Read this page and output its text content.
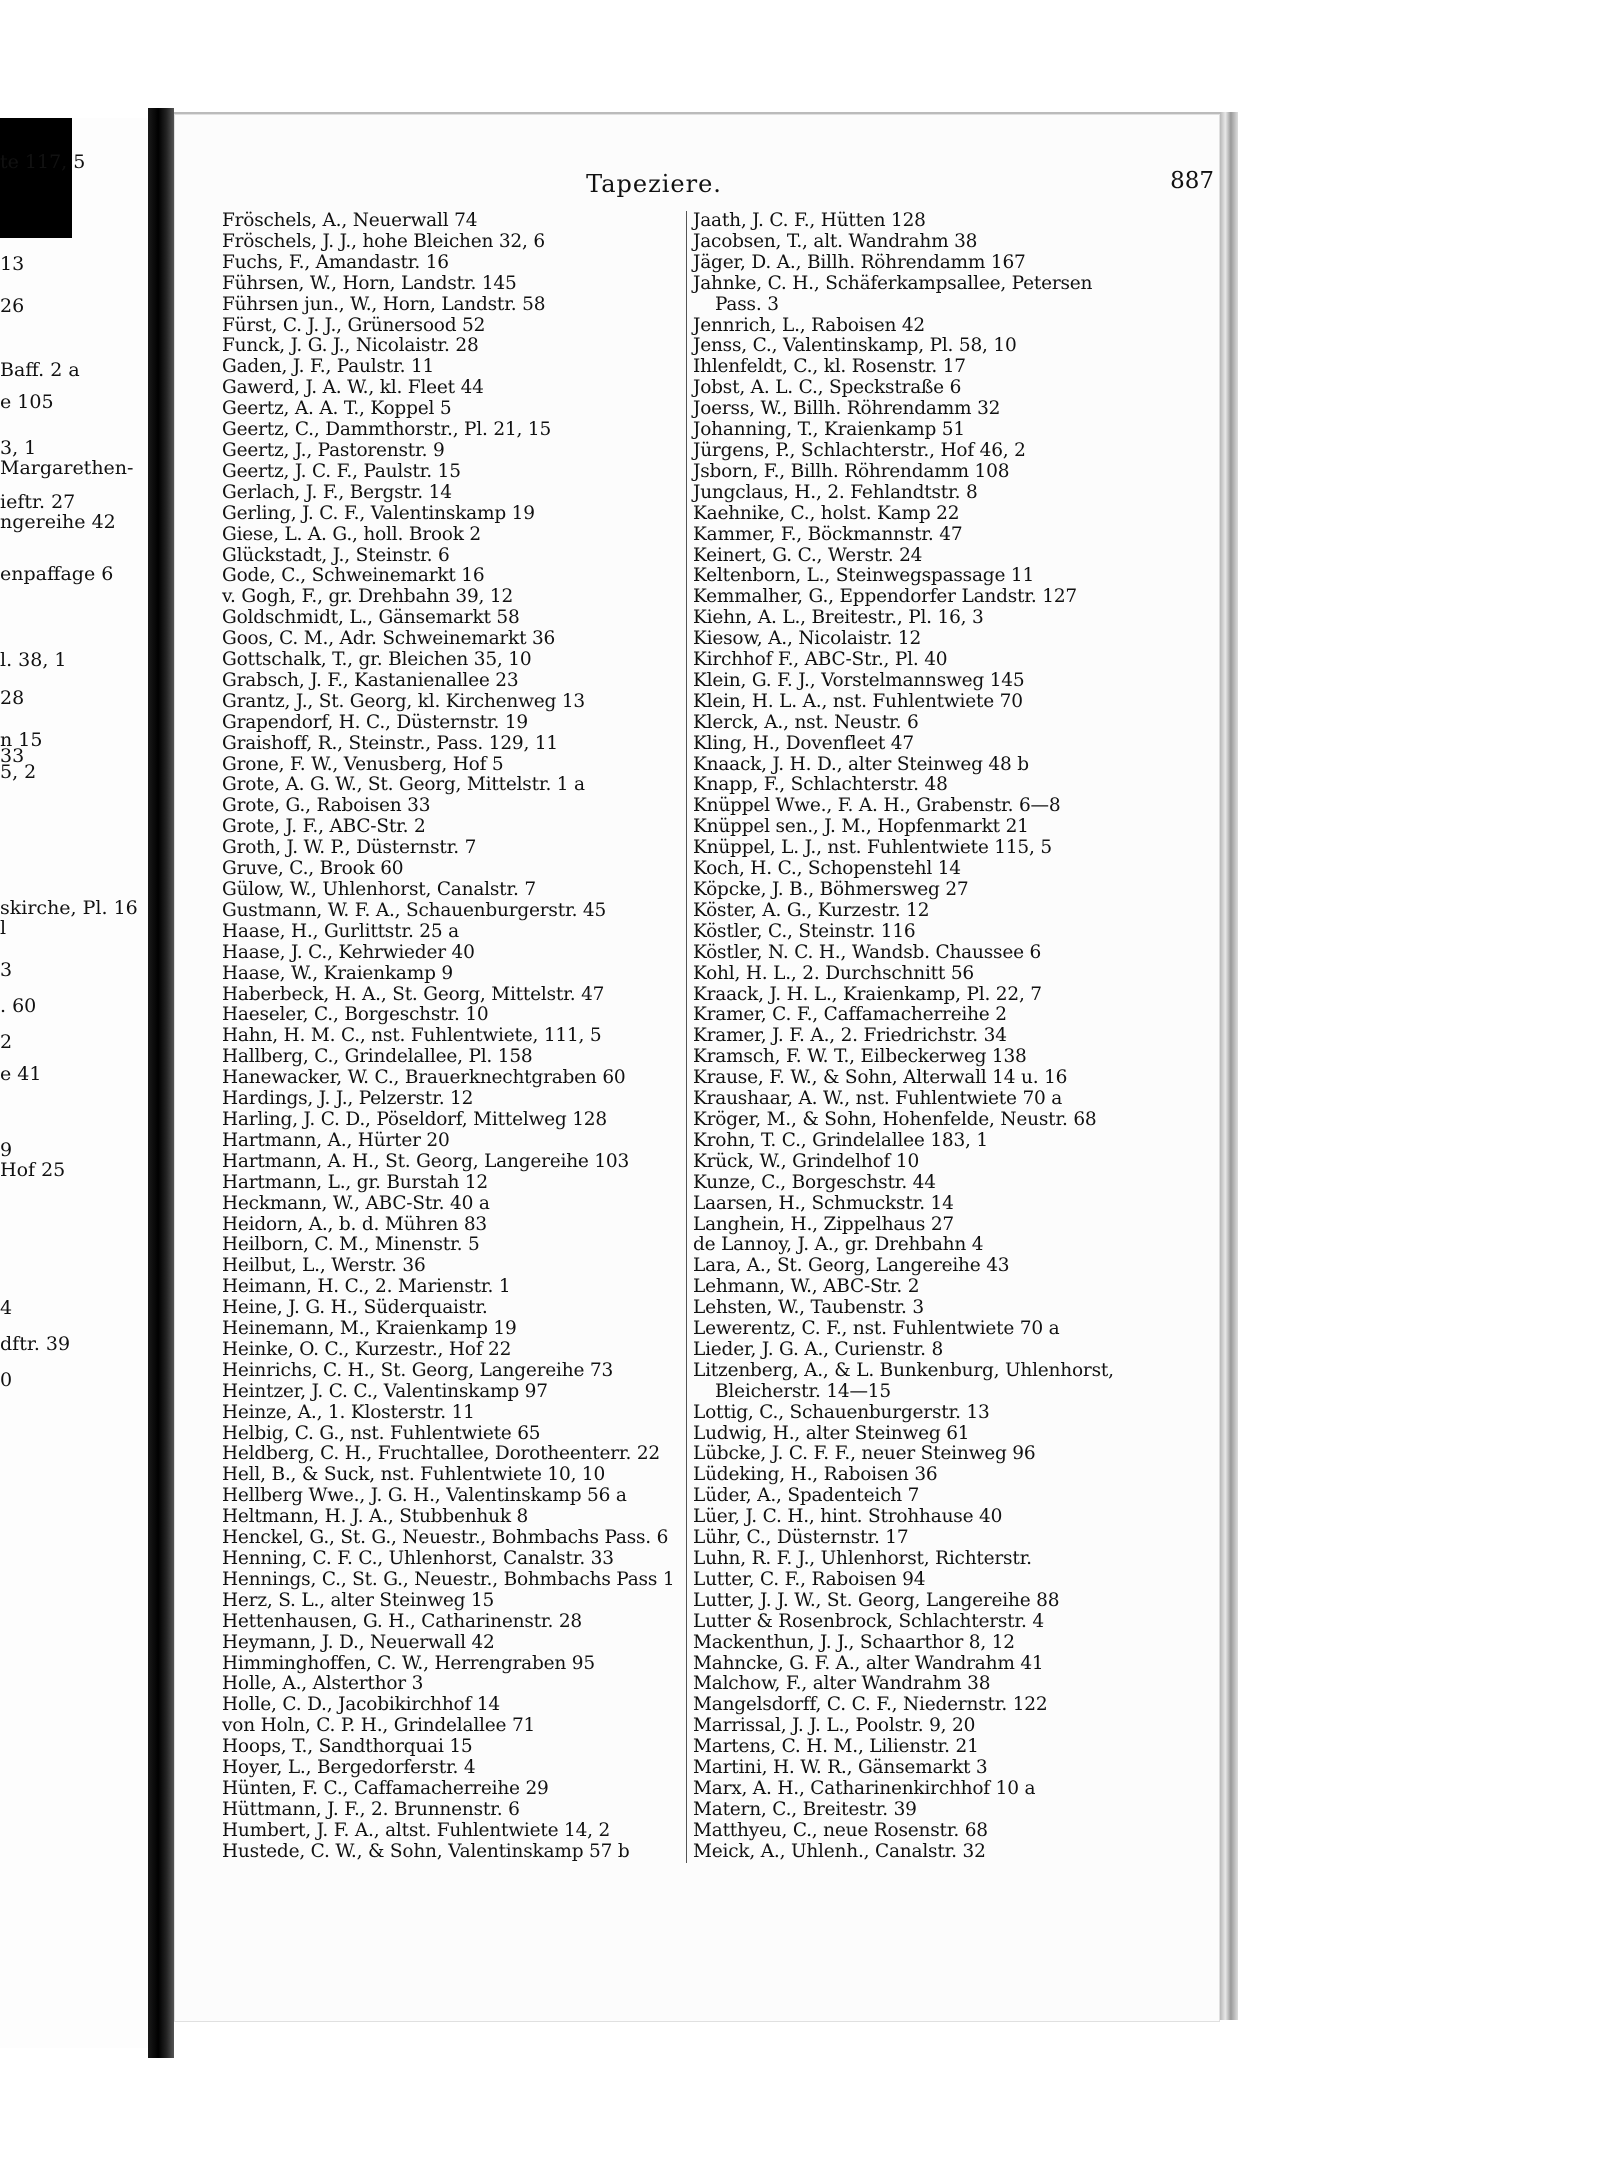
te 117, 5
13
26
Baff. 2 a
e 105
3, 1
Margarethen-
ieftr. 27
ngereihe 42
enpaffage 6
l. 38, 1
28
n 15
33
5, 2
skirche, Pl. 16
l
3
. 60
2
e 41
9
Hof 25
4
dftr. 39
0
Tapeziere.	887
Fröschels, A., Neuerwall 74
Fröschels, J. J., hohe Bleichen 32, 6
Fuchs, F., Amandastr. 16
Führsen, W., Horn, Landstr. 145
Führsen jun., W., Horn, Landstr. 58
Fürst, C. J. J., Grünersood 52
Funck, J. G. J., Nicolaistr. 28
Gaden, J. F., Paulstr. 11
Gawerd, J. A. W., kl. Fleet 44
Geertz, A. A. T., Koppel 5
Geertz, C., Dammthorstr., Pl. 21, 15
Geertz, J., Pastorenstr. 9
Geertz, J. C. F., Paulstr. 15
Gerlach, J. F., Bergstr. 14
Gerling, J. C. F., Valentinskamp 19
Giese, L. A. G., holl. Brook 2
Glückstadt, J., Steinstr. 6
Gode, C., Schweinemarkt 16
v. Gogh, F., gr. Drehbahn 39, 12
Goldschmidt, L., Gänsemarkt 58
Goos, C. M., Adr. Schweinemarkt 36
Gottschalk, T., gr. Bleichen 35, 10
Grabsch, J. F., Kastanienallee 23
Grantz, J., St. Georg, kl. Kirchenweg 13
Grapendorf, H. C., Düsternstr. 19
Graishoff, R., Steinstr., Pass. 129, 11
Grone, F. W., Venusberg, Hof 5
Grote, A. G. W., St. Georg, Mittelstr. 1 a
Grote, G., Raboisen 33
Grote, J. F., ABC-Str. 2
Groth, J. W. P., Düsternstr. 7
Gruve, C., Brook 60
Gülow, W., Uhlenhorst, Canalstr. 7
Gustmann, W. F. A., Schauenburgerstr. 45
Haase, H., Gurlittstr. 25 a
Haase, J. C., Kehrwieder 40
Haase, W., Kraienkamp 9
Haberbeck, H. A., St. Georg, Mittelstr. 47
Haeseler, C., Borgeschstr. 10
Hahn, H. M. C., nst. Fuhlentwiete, 111, 5
Hallberg, C., Grindelallee, Pl. 158
Hanewacker, W. C., Brauerknechtgraben 60
Hardings, J. J., Pelzerstr. 12
Harling, J. C. D., Pöseldorf, Mittelweg 128
Hartmann, A., Hürter 20
Hartmann, A. H., St. Georg, Langereihe 103
Hartmann, L., gr. Burstah 12
Heckmann, W., ABC-Str. 40 a
Heidorn, A., b. d. Mühren 83
Heilborn, C. M., Minenstr. 5
Heilbut, L., Werstr. 36
Heimann, H. C., 2. Marienstr. 1
Heine, J. G. H., Süderquaistr.
Heinemann, M., Kraienkamp 19
Heinke, O. C., Kurzestr., Hof 22
Heinrichs, C. H., St. Georg, Langereihe 73
Heintzer, J. C. C., Valentinskamp 97
Heinze, A., 1. Klosterstr. 11
Helbig, C. G., nst. Fuhlentwiete 65
Heldberg, C. H., Fruchtallee, Dorotheenterr. 22
Hell, B., & Suck, nst. Fuhlentwiete 10, 10
Hellberg Wwe., J. G. H., Valentinskamp 56 a
Heltmann, H. J. A., Stubbenhuk 8
Henckel, G., St. G., Neuestr., Bohmbachs Pass. 6
Henning, C. F. C., Uhlenhorst, Canalstr. 33
Hennings, C., St. G., Neuestr., Bohmbachs Pass 1
Herz, S. L., alter Steinweg 15
Hettenhausen, G. H., Catharinenstr. 28
Heymann, J. D., Neuerwall 42
Himminghoffen, C. W., Herrengraben 95
Holle, A., Alsterthor 3
Holle, C. D., Jacobikirchhof 14
von Holn, C. P. H., Grindelallee 71
Hoops, T., Sandthorquai 15
Hoyer, L., Bergedorferstr. 4
Hünten, F. C., Caffamacherreihe 29
Hüttmann, J. F., 2. Brunnenstr. 6
Humbert, J. F. A., altst. Fuhlentwiete 14, 2
Hustede, C. W., & Sohn, Valentinskamp 57 b
Jaath, J. C. F., Hütten 128
Jacobsen, T., alt. Wandrahm 38
Jäger, D. A., Billh. Röhrendamm 167
Jahnke, C. H., Schäferkampsallee, Petersen
Pass. 3
Jennrich, L., Raboisen 42
Jenss, C., Valentinskamp, Pl. 58, 10
Ihlenfeldt, C., kl. Rosenstr. 17
Jobst, A. L. C., Speckstraße 6
Joerss, W., Billh. Röhrendamm 32
Johanning, T., Kraienkamp 51
Jürgens, P., Schlachterstr., Hof 46, 2
Jsborn, F., Billh. Röhrendamm 108
Jungclaus, H., 2. Fehlandtstr. 8
Kaehnike, C., holst. Kamp 22
Kammer, F., Böckmannstr. 47
Keinert, G. C., Werstr. 24
Keltenborn, L., Steinwegspassage 11
Kemmalher, G., Eppendorfer Landstr. 127
Kiehn, A. L., Breitestr., Pl. 16, 3
Kiesow, A., Nicolaistr. 12
Kirchhof F., ABC-Str., Pl. 40
Klein, G. F. J., Vorstelmannsweg 145
Klein, H. L. A., nst. Fuhlentwiete 70
Klerck, A., nst. Neustr. 6
Kling, H., Dovenfleet 47
Knaack, J. H. D., alter Steinweg 48 b
Knapp, F., Schlachterstr. 48
Knüppel Wwe., F. A. H., Grabenstr. 6—8
Knüppel sen., J. M., Hopfenmarkt 21
Knüppel, L. J., nst. Fuhlentwiete 115, 5
Koch, H. C., Schopenstehl 14
Köpcke, J. B., Böhmersweg 27
Köster, A. G., Kurzestr. 12
Köstler, C., Steinstr. 116
Köstler, N. C. H., Wandsb. Chaussee 6
Kohl, H. L., 2. Durchschnitt 56
Kraack, J. H. L., Kraienkamp, Pl. 22, 7
Kramer, C. F., Caffamacherreihe 2
Kramer, J. F. A., 2. Friedrichstr. 34
Kramsch, F. W. T., Eilbeckerweg 138
Krause, F. W., & Sohn, Alterwall 14 u. 16
Kraushaar, A. W., nst. Fuhlentwiete 70 a
Kröger, M., & Sohn, Hohenfelde, Neustr. 68
Krohn, T. C., Grindelallee 183, 1
Krück, W., Grindelhof 10
Kunze, C., Borgeschstr. 44
Laarsen, H., Schmuckstr. 14
Langhein, H., Zippelhaus 27
de Lannoy, J. A., gr. Drehbahn 4
Lara, A., St. Georg, Langereihe 43
Lehmann, W., ABC-Str. 2
Lehsten, W., Taubenstr. 3
Lewerentz, C. F., nst. Fuhlentwiete 70 a
Lieder, J. G. A., Curienstr. 8
Litzenberg, A., & L. Bunkenburg, Uhlenhorst,
Bleicherstr. 14—15
Lottig, C., Schauenburgerstr. 13
Ludwig, H., alter Steinweg 61
Lübcke, J. C. F. F., neuer Steinweg 96
Lüdeking, H., Raboisen 36
Lüder, A., Spadenteich 7
Lüer, J. C. H., hint. Strohhause 40
Lühr, C., Düsternstr. 17
Luhn, R. F. J., Uhlenhorst, Richterstr.
Lutter, C. F., Raboisen 94
Lutter, J. J. W., St. Georg, Langereihe 88
Lutter & Rosenbrock, Schlachterstr. 4
Mackenthun, J. J., Schaarthor 8, 12
Mahncke, G. F. A., alter Wandrahm 41
Malchow, F., alter Wandrahm 38
Mangelsdorff, C. C. F., Niedernstr. 122
Marrissal, J. J. L., Poolstr. 9, 20
Martens, C. H. M., Lilienstr. 21
Martini, H. W. R., Gänsemarkt 3
Marx, A. H., Catharinenkirchhof 10 a
Matern, C., Breitestr. 39
Matthyeu, C., neue Rosenstr. 68
Meick, A., Uhlenh., Canalstr. 32
